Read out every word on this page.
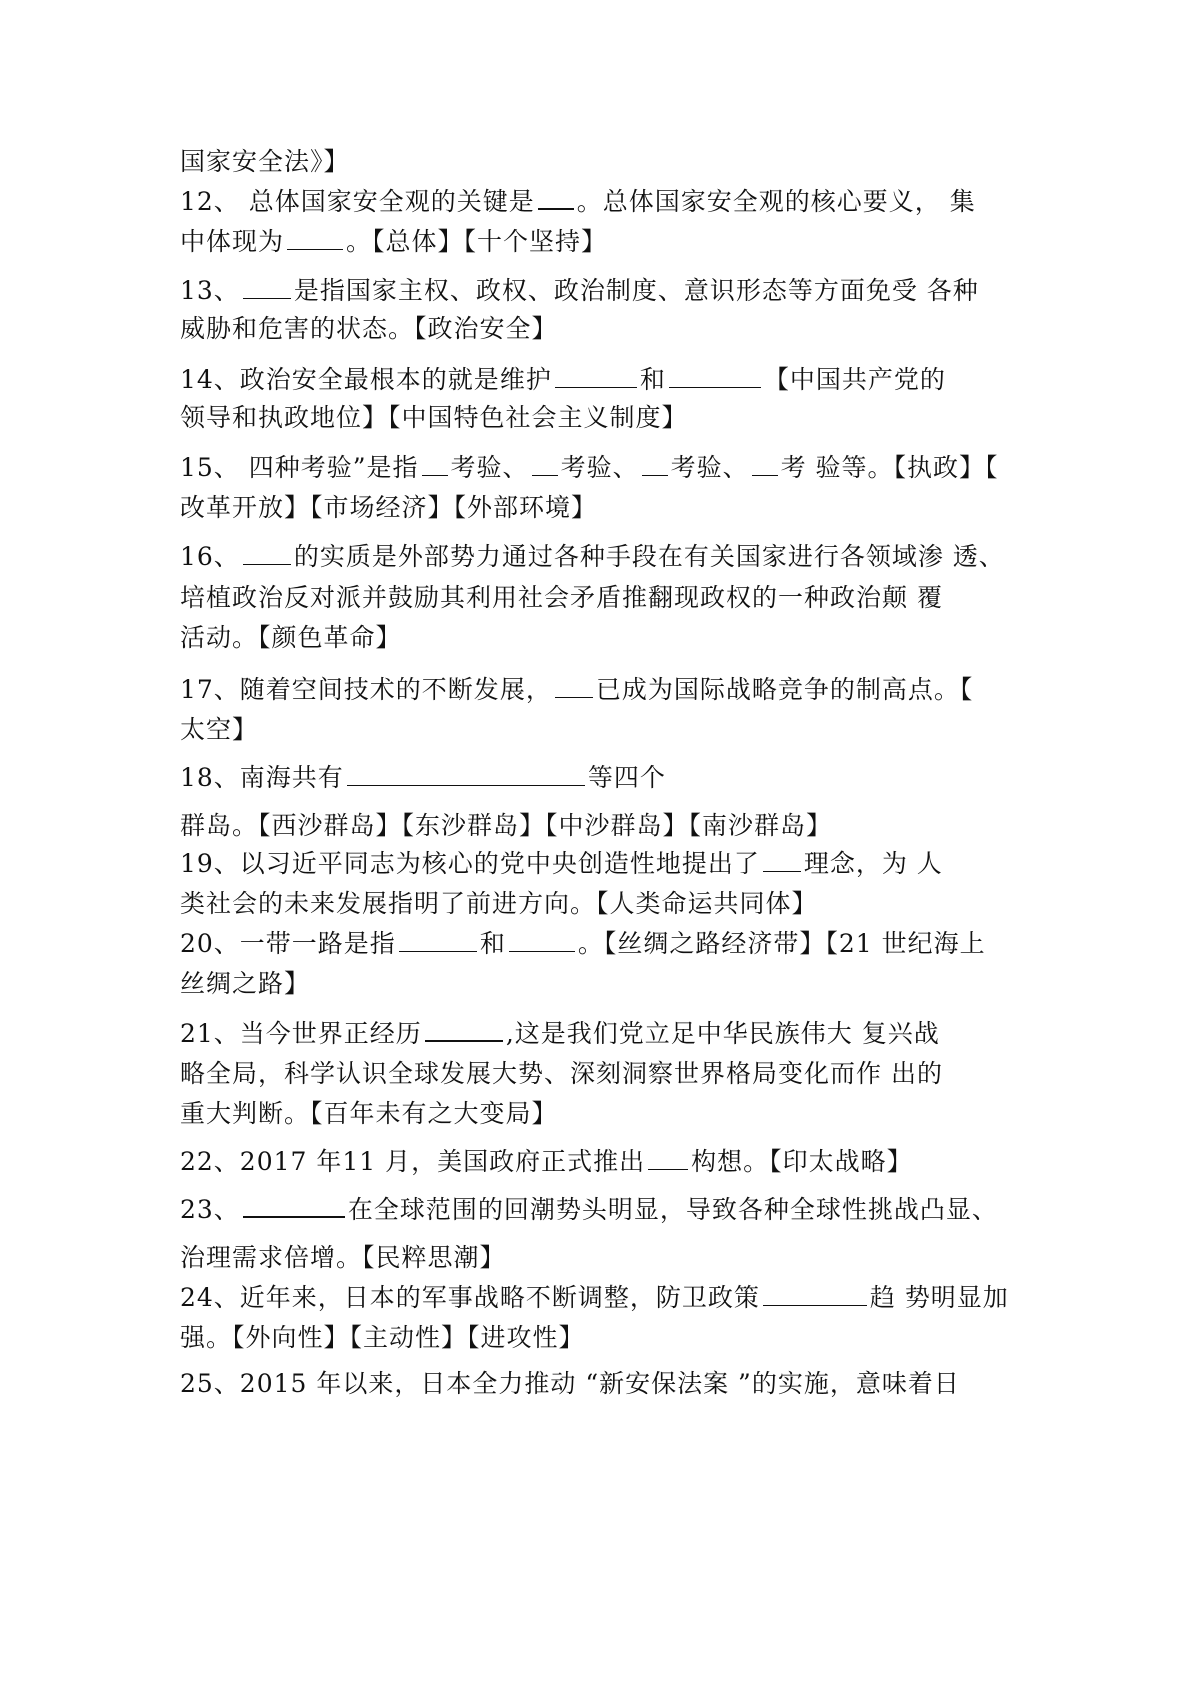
国家安全法》】

12、 总体国家安全观的关键是 。总体国家安全观的核心要义， 集

中体现为 。【总体】【十个坚持】

13、 是指国家主权、政权、政治制度、意识形态等方面免受 各种

威胁和危害的状态。【政治安全】

14、政治安全最根本的就是维护	和	【中国共产党的

领导和执政地位】【中国特色社会主义制度】

15、 四种考验”是指 考验、 考验、 考验、 考 验等。【执政】【

改革开放】【市场经济】【外部环境】

16、 的实质是外部势力通过各种手段在有关国家进行各领域渗 透、

培植政治反对派并鼓励其利用社会矛盾推翻现政权的一种政治颠 覆

活动。【颜色革命】

17、随着空间技术的不断发展， 已成为国际战略竞争的制高点。【

太空】

18、南海共有	等四个

群岛。【西沙群岛】【东沙群岛】【中沙群岛】【南沙群岛】

19、以习近平同志为核心的党中央创造性地提出了 理念，为 人

类社会的未来发展指明了前进方向。【人类命运共同体】

20、一带一路是指	和	。【丝绸之路经济带】【21 世纪海上

丝绸之路】

21、当今世界正经历	,这是我们党立足中华民族伟大 复兴战

略全局，科学认识全球发展大势、深刻洞察世界格局变化而作 出的

重大判断。【百年未有之大变局】

22、2017 年11 月，美国政府正式推出 构想。【印太战略】

23、	在全球范围的回潮势头明显，导致各种全球性挑战凸显、

治理需求倍增。【民粹思潮】

24、近年来，日本的军事战略不断调整，防卫政策	趋 势明显加

强。【外向性】【主动性】【进攻性】

25、2015 年以来，日本全力推动 “新安保法案 ”的实施，意味着日
